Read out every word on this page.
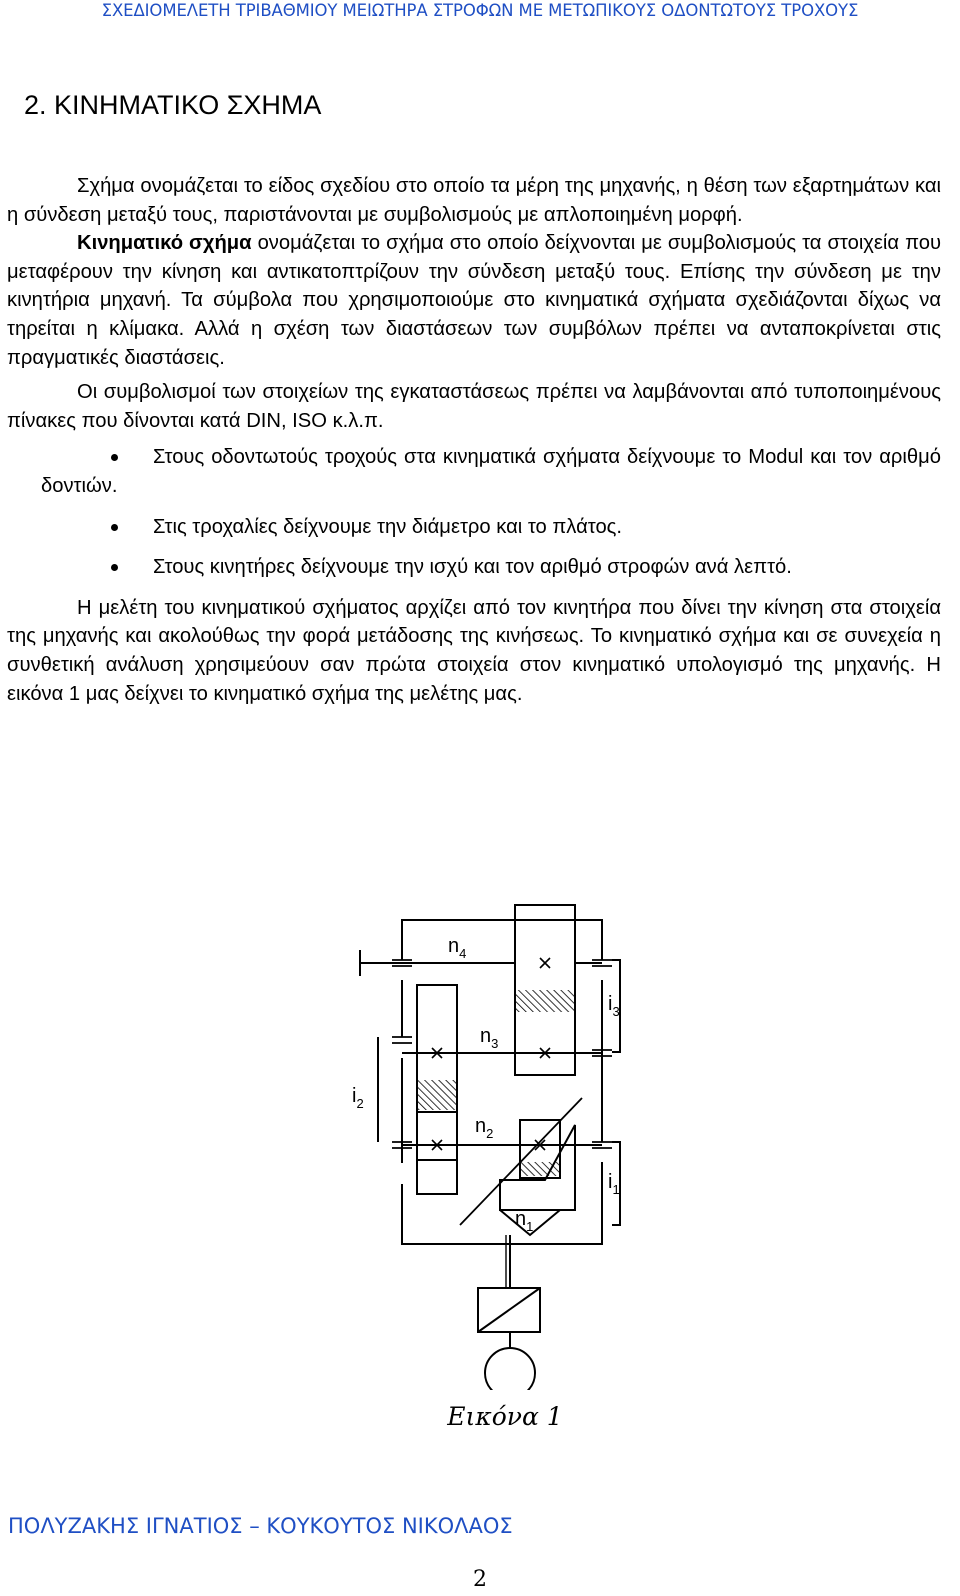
ΣΧΕΔΙΟΜΕΛΕΤΗ ΤΡΙΒΑΘΜΙΟΥ ΜΕΙΩΤΗΡΑ ΣΤΡΟΦΩΝ ΜΕ ΜΕΤΩΠΙΚΟΥΣ ΟΔΟΝΤΩΤΟΥΣ ΤΡΟΧΟΥΣ
2. ΚΙΝΗΜΑΤΙΚΟ ΣΧΗΜΑ

Σχήμα ονομάζεται το είδος σχεδίου στο οποίο τα μέρη της μηχανής, η θέση των εξαρτημάτων και η σύνδεση μεταξύ τους, παριστάνονται με συμβολισμούς με απλοποιημένη μορφή.

Κινηματικό σχήμα ονομάζεται το σχήμα στο οποίο δείχνονται με συμβολισμούς τα στοιχεία που μεταφέρουν την κίνηση και αντικατοπτρίζουν την σύνδεση μεταξύ τους. Επίσης την σύνδεση με την κινητήρια μηχανή. Τα σύμβολα που χρησιμοποιούμε στο κινηματικά σχήματα σχεδιάζονται δίχως να τηρείται η κλίμακα. Αλλά η σχέση των διαστάσεων των συμβόλων πρέπει να ανταποκρίνεται στις πραγματικές διαστάσεις.

Οι συμβολισμοί των στοιχείων της εγκαταστάσεως πρέπει να λαμβάνονται από τυποποιημένους πίνακες που δίνονται κατά DIN, ISO κ.λ.π.

Στους οδοντωτούς τροχούς στα κινηματικά σχήματα δείχνουμε το Modul και τον αριθμό δοντιών.
Στις τροχαλίες δείχνουμε την διάμετρο και το πλάτος.
Στους κινητήρες δείχνουμε την ισχύ και τον αριθμό στροφών ανά λεπτό.

Η μελέτη του κινηματικού σχήματος αρχίζει από τον κινητήρα που δίνει την κίνηση στα στοιχεία της μηχανής και ακολούθως την φορά μετάδοσης της κινήσεως. Το κινηματικό σχήμα και σε συνεχεία η συνθετική ανάλυση χρησιμεύουν σαν πρώτα στοιχεία στον κινηματικό υπολογισμό της μηχανής. Η εικόνα 1 μας δείχνει το κινηματικό σχήμα της μελέτης μας.

$n_4$
$n_3$
$n_2$
$n_1$
$i_3$
$i_2$
$i_1$
Εικόνα 1
ΠΟΛΥΖΑΚΗΣ ΙΓΝΑΤΙΟΣ – ΚΟΥΚΟΥΤΟΣ ΝΙΚΟΛΑΟΣ
2
